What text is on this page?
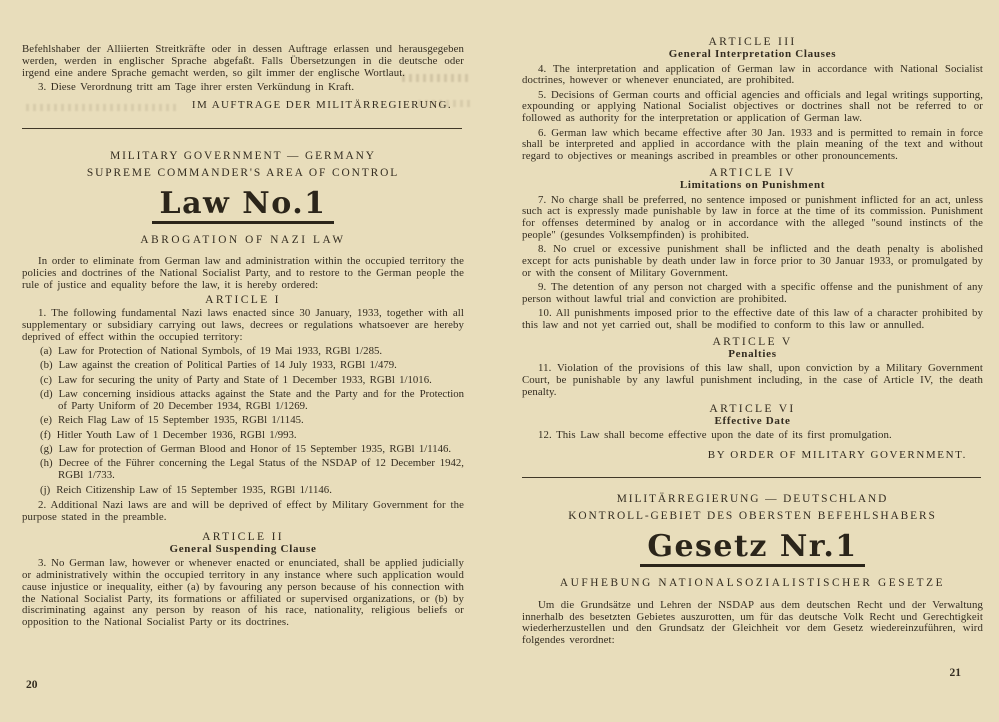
Befehlshaber der Alliierten Streitkräfte oder in dessen Auftrage erlassen und herausgegeben werden, werden in englischer Sprache abgefaßt. Falls Übersetzungen in die deutsche oder irgend eine andere Sprache gemacht werden, so gilt immer der englische Wortlaut.

3. Diese Verordnung tritt am Tage ihrer ersten Verkündung in Kraft.

IM AUFTRAGE DER MILITÄRREGIERUNG.

MILITARY GOVERNMENT — GERMANY
SUPREME COMMANDER'S AREA OF CONTROL
Law No.1
ABROGATION OF NAZI LAW

In order to eliminate from German law and administration within the occupied territory the policies and doctrines of the National Socialist Party, and to restore to the German people the rule of justice and equality before the law, it is hereby ordered:

ARTICLE I

1. The following fundamental Nazi laws enacted since 30 January, 1933, together with all supplementary or subsidiary carrying out laws, decrees or regulations whatsoever are hereby deprived of effect within the occupied territory:

(a) Law for Protection of National Symbols, of 19 Mai 1933, RGBl 1/285.
(b) Law against the creation of Political Parties of 14 July 1933, RGBl 1/479.
(c) Law for securing the unity of Party and State of 1 December 1933, RGBl 1/1016.
(d) Law concerning insidious attacks against the State and the Party and for the Protection of Party Uniform of 20 December 1934, RGBl 1/1269.
(e) Reich Flag Law of 15 September 1935, RGBl 1/1145.
(f) Hitler Youth Law of 1 December 1936, RGBl 1/993.
(g) Law for protection of German Blood and Honor of 15 September 1935, RGBl 1/1146.
(h) Decree of the Führer concerning the Legal Status of the NSDAP of 12 December 1942, RGBl 1/733.
(j) Reich Citizenship Law of 15 September 1935, RGBl 1/1146.

2. Additional Nazi laws are and will be deprived of effect by Military Government for the purpose stated in the preamble.

ARTICLE II
General Suspending Clause

3. No German law, however or whenever enacted or enunciated, shall be applied judicially or administratively within the occupied territory in any instance where such application would cause injustice or inequality, either (a) by favouring any person because of his connection with the National Socialist Party, its formations or affiliated or supervised organizations, or (b) by discriminating against any person by reason of his race, nationality, religious beliefs or opposition to the National Socialist Party or its doctrines.

20
ARTICLE III
General Interpretation Clauses

4. The interpretation and application of German law in accordance with National Socialist doctrines, however or whenever enunciated, are prohibited.

5. Decisions of German courts and official agencies and officials and legal writings supporting, expounding or applying National Socialist objectives or doctrines shall not be referred to or followed as authority for the interpretation or application of German law.

6. German law which became effective after 30 Jan. 1933 and is permitted to remain in force shall be interpreted and applied in accordance with the plain meaning of the text and without regard to objectives or meanings ascribed in preambles or other pronouncements.

ARTICLE IV
Limitations on Punishment

7. No charge shall be preferred, no sentence imposed or punishment inflicted for an act, unless such act is expressly made punishable by law in force at the time of its commission. Punishment for offenses determined by analog or in accordance with the alleged "sound instincts of the people" (gesundes Volksempfinden) is prohibited.

8. No cruel or excessive punishment shall be inflicted and the death penalty is abolished except for acts punishable by death under law in force prior to 30 Januar 1933, or promulgated by or with the consent of Military Government.

9. The detention of any person not charged with a specific offense and the punishment of any person without lawful trial and conviction are prohibited.

10. All punishments imposed prior to the effective date of this law of a character prohibited by this law and not yet carried out, shall be modified to conform to this law or annulled.

ARTICLE V
Penalties

11. Violation of the provisions of this law shall, upon conviction by a Military Government Court, be punishable by any lawful punishment including, in the case of Article IV, the death penalty.

ARTICLE VI
Effective Date

12. This Law shall become effective upon the date of its first promulgation.

BY ORDER OF MILITARY GOVERNMENT.

MILITÄRREGIERUNG — DEUTSCHLAND
KONTROLL-GEBIET DES OBERSTEN BEFEHLSHABERS
Gesetz Nr.1
AUFHEBUNG NATIONALSOZIALISTISCHER GESETZE

Um die Grundsätze und Lehren der NSDAP aus dem deutschen Recht und der Verwaltung innerhalb des besetzten Gebietes auszurotten, um für das deutsche Volk Recht und Gerechtigkeit wiederherzustellen und den Grundsatz der Gleichheit vor dem Gesetz wiedereinzuführen, wird folgendes verordnet:

21
